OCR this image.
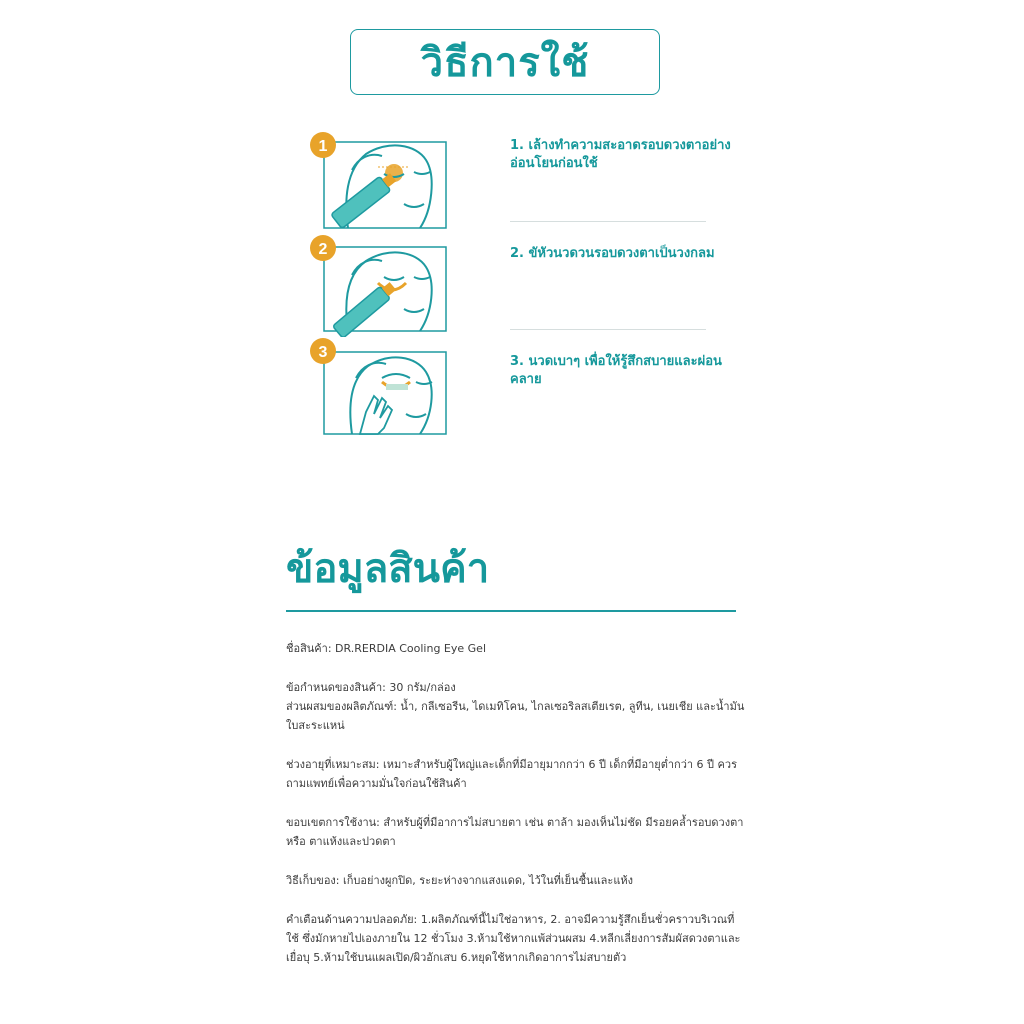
วิธีการใช้
1
2
3
1. เล้างทำความสะอาดรอบดวงตาอย่างอ่อนโยนก่อนใช้
2. ขัหัวนวดวนรอบดวงตาเป็นวงกลม
3. นวดเบาๆ เพื่อให้รู้สึกสบายและผ่อนคลาย
ข้อมูลสินค้า
ชื่อสินค้า: DR.RERDIA Cooling Eye Gel
ข้อกำหนดของสินค้า: 30 กรัม/กล่อง
ส่วนผสมของผลิตภัณฑ์: น้ำ, กลีเซอรีน, ไดเมทิโคน, ไกลเซอริลสเตียเรต, ลูทีน, เนยเชีย และน้ำมันใบสะระแหน่
ช่วงอายุที่เหมาะสม: เหมาะสำหรับผู้ใหญ่และเด็กที่มีอายุมากกว่า 6 ปี เด็กที่มีอายุต่ำกว่า 6 ปี ควรถามแพทย์เพื่อความมั่นใจก่อนใช้สินค้า
ขอบเขตการใช้งาน: สำหรับผู้ที่มีอาการไม่สบายตา เช่น ตาล้า มองเห็นไม่ชัด มีรอยคล้ำรอบดวงตา หรือ ตาแห้งและปวดตา
วิธีเก็บของ: เก็บอย่างผูกปิด, ระยะห่างจากแสงแดด, ไว้ในที่เย็นชื้นและแห้ง
คำเตือนด้านความปลอดภัย: 1.ผลิตภัณฑ์นี้ไม่ใช่อาหาร, 2. อาจมีความรู้สึกเย็นชั่วคราวบริเวณที่ใช้ ซึ่งมักหายไปเองภายใน 12 ชั่วโมง 3.ห้ามใช้หากแพ้ส่วนผสม 4.หลีกเลี่ยงการสัมผัสดวงตาและเยื่อบุ 5.ห้ามใช้บนแผลเปิด/ผิวอักเสบ 6.หยุดใช้หากเกิดอาการไม่สบายตัว
